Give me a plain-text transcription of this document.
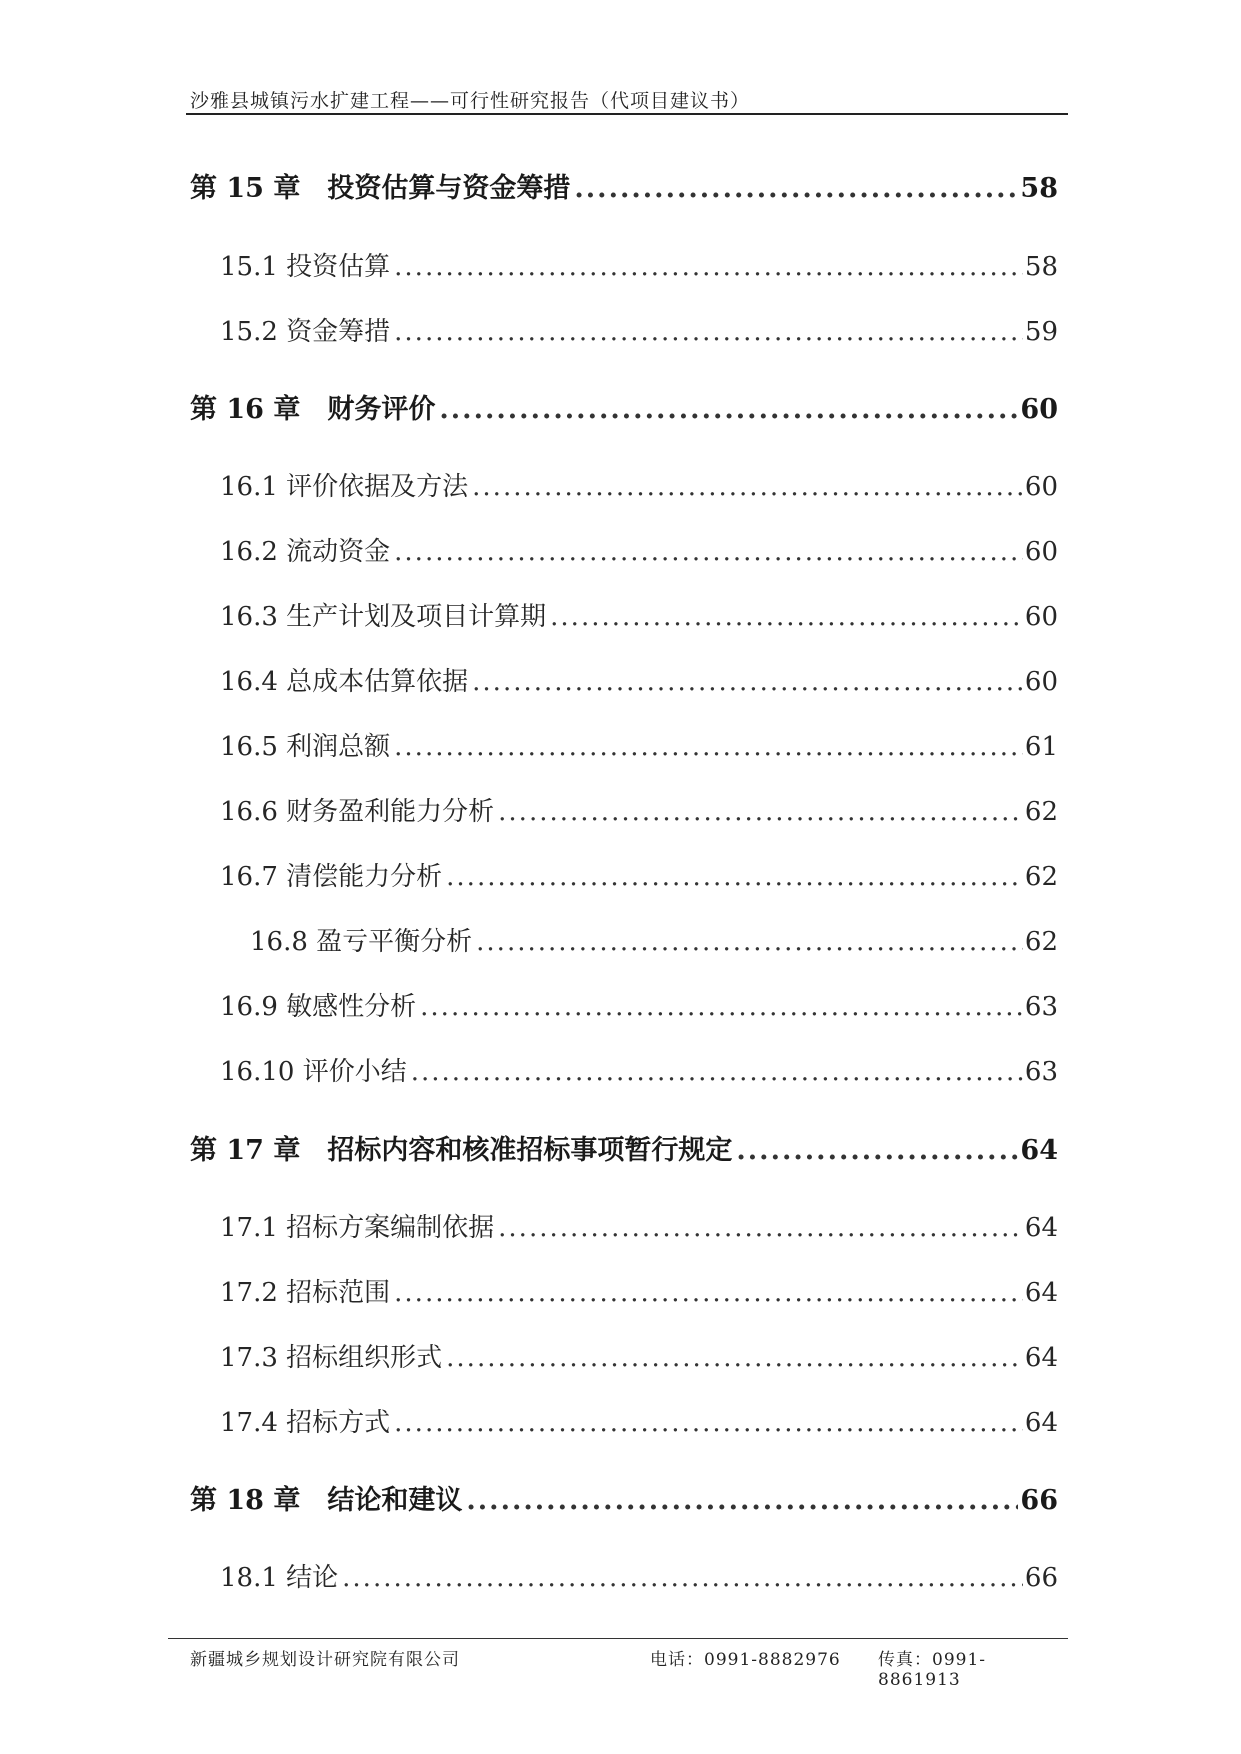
沙雅县城镇污水扩建工程——可行性研究报告（代项目建议书）
第 15 章　投资估算与资金筹措 .....	58
15.1 投资估算 .....	58
15.2 资金筹措 .....	59
第 16 章　财务评价 .....	60
16.1 评价依据及方法 .....	60
16.2 流动资金 .....	60
16.3 生产计划及项目计算期 .....	60
16.4 总成本估算依据 .....	60
16.5 利润总额 .....	61
16.6 财务盈利能力分析 .....	62
16.7 清偿能力分析 .....	62
16.8 盈亏平衡分析 .....	62
16.9 敏感性分析 .....	63
16.10 评价小结 .....	63
第 17 章　招标内容和核准招标事项暂行规定 .....	64
17.1 招标方案编制依据 .....	64
17.2 招标范围 .....	64
17.3 招标组织形式 .....	64
17.4 招标方式 .....	64
第 18 章　结论和建议 .....	66
18.1 结论 .....	66
新疆城乡规划设计研究院有限公司	电话：0991-8882976	传真：0991-8861913
